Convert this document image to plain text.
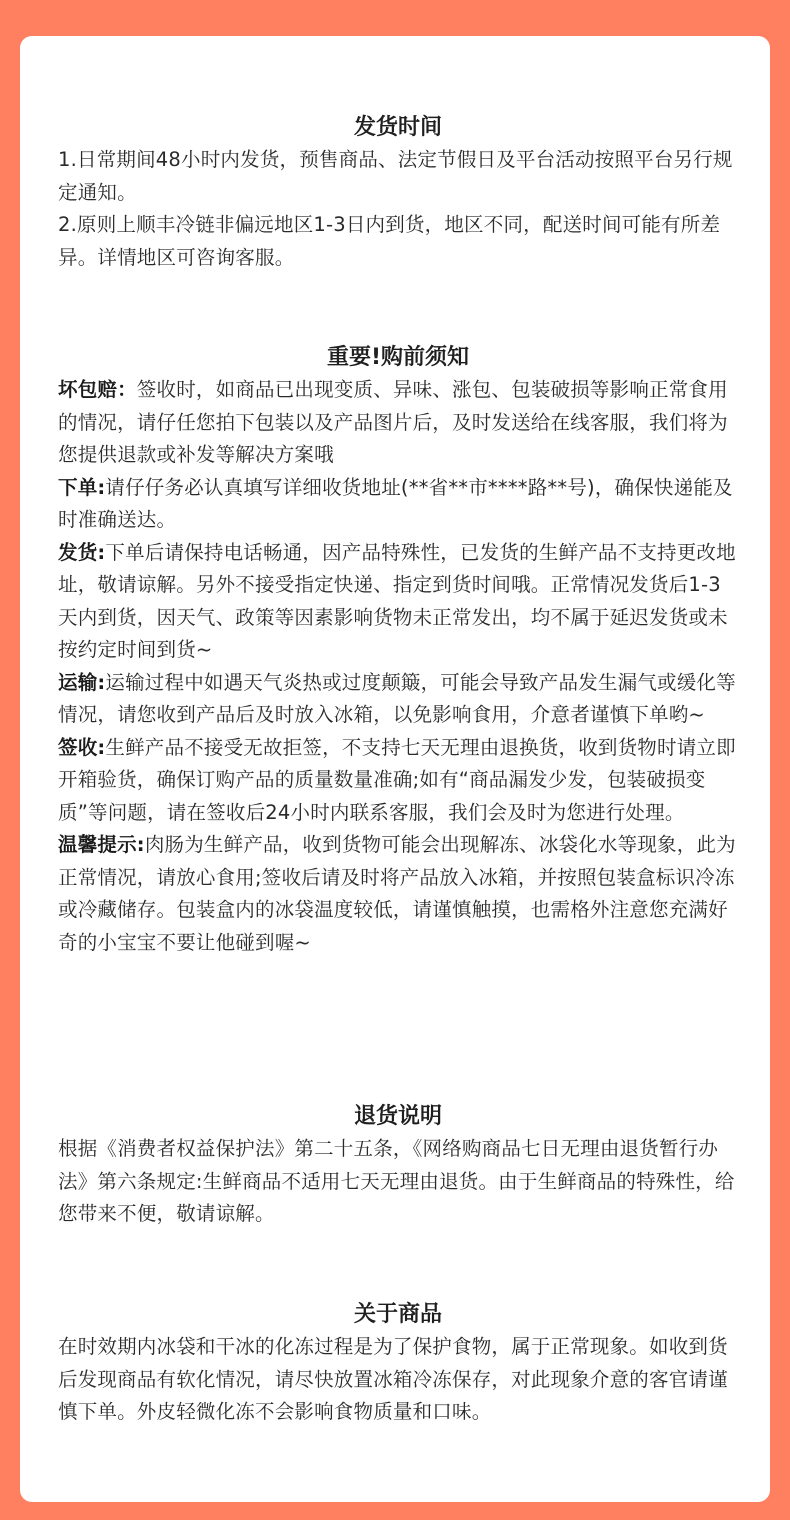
发货时间

1.日常期间48小时内发货，预售商品、法定节假日及平台活动按照平台另行规定通知。

2.原则上顺丰冷链非偏远地区1-3日内到货，地区不同，配送时间可能有所差异。详情地区可咨询客服。

重要!购前须知

坏包赔：签收时，如商品已出现变质、异味、涨包、包装破损等影响正常食用的情况，请仔任您拍下包装以及产品图片后，及时发送给在线客服，我们将为您提供退款或补发等解决方案哦

下单:请仔仔务必认真填写详细收货地址(**省**市****路**号)，确保快递能及时准确送达。

发货:下单后请保持电话畅通，因产品特殊性，已发货的生鲜产品不支持更改地址，敬请谅解。另外不接受指定快递、指定到货时间哦。正常情况发货后1-3天内到货，因天气、政策等因素影响货物未正常发出，均不属于延迟发货或未按约定时间到货~

运输:运输过程中如遇天气炎热或过度颠簸，可能会导致产品发生漏气或缓化等情况，请您收到产品后及时放入冰箱，以免影响食用，介意者谨慎下单哟~

签收:生鲜产品不接受无故拒签，不支持七天无理由退换货，收到货物时请立即开箱验货，确保订购产品的质量数量准确;如有“商品漏发少发，包装破损变质”等问题，请在签收后24小时内联系客服，我们会及时为您进行处理。

温馨提示:肉肠为生鲜产品，收到货物可能会出现解冻、冰袋化水等现象，此为正常情况，请放心食用;签收后请及时将产品放入冰箱，并按照包装盒标识冷冻或冷藏储存。包装盒内的冰袋温度较低，请谨慎触摸，也需格外注意您充满好奇的小宝宝不要让他碰到喔~

退货说明

根据《消费者权益保护法》第二十五条，《网络购商品七日无理由退货暂行办法》第六条规定:生鲜商品不适用七天无理由退货。由于生鲜商品的特殊性，给您带来不便，敬请谅解。

关于商品

在时效期内冰袋和干冰的化冻过程是为了保护食物，属于正常现象。如收到货后发现商品有软化情况，请尽快放置冰箱冷冻保存，对此现象介意的客官请谨慎下单。外皮轻微化冻不会影响食物质量和口味。
